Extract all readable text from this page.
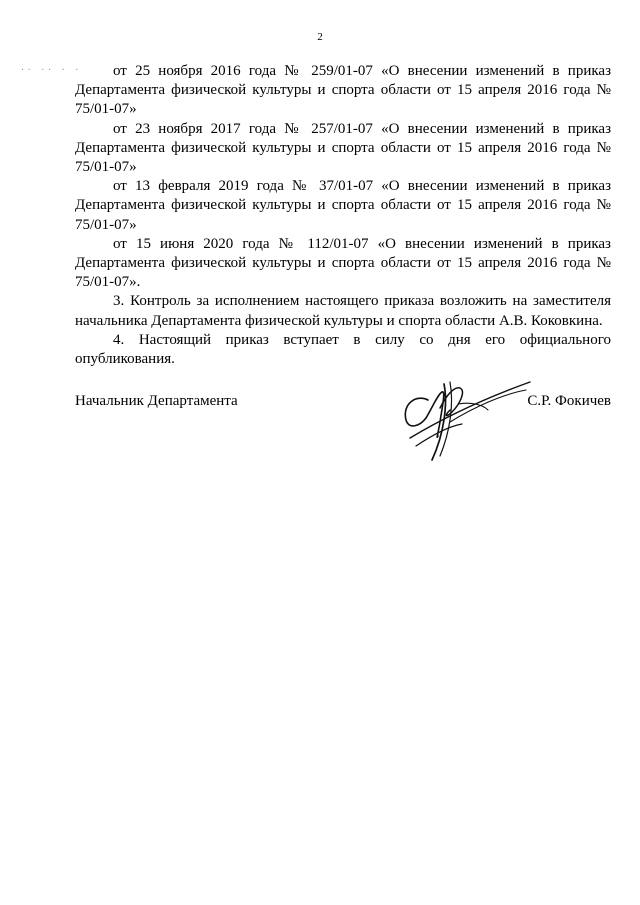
2
.. .. . .	от 25 ноября 2016 года № 259/01-07 «О внесении изменений в приказ Департамента физической культуры и спорта области от 15 апреля 2016 года № 75/01-07»

от 23 ноября 2017 года № 257/01-07 «О внесении изменений в приказ Департамента физической культуры и спорта области от 15 апреля 2016 года № 75/01-07»

от 13 февраля 2019 года № 37/01-07 «О внесении изменений в приказ Департамента физической культуры и спорта области от 15 апреля 2016 года № 75/01-07»

от 15 июня 2020 года № 112/01-07 «О внесении изменений в приказ Департамента физической культуры и спорта области от 15 апреля 2016 года № 75/01-07».

3. Контроль за исполнением настоящего приказа возложить на заместителя начальника Департамента физической культуры и спорта области А.В. Коковкина.

4. Настоящий приказ вступает в силу со дня его официального опубликования.

Начальник Департамента	С.Р. Фокичев
